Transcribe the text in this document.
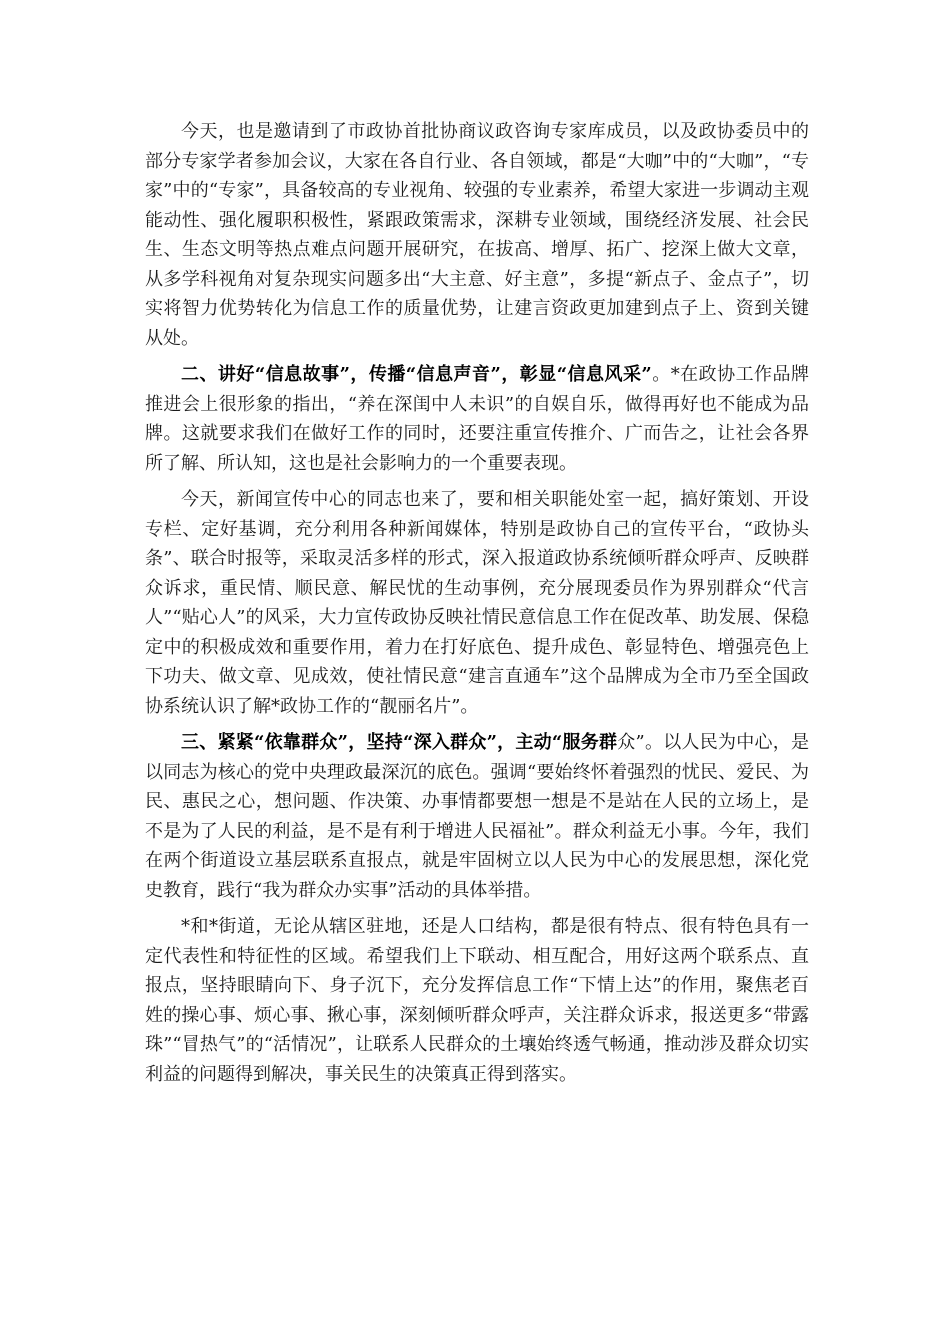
今天，也是邀请到了市政协首批协商议政咨询专家库成员，以及政协委员中的部分专家学者参加会议，大家在各自行业、各自领域，都是“大咖”中的“大咖”，“专家”中的“专家”，具备较高的专业视角、较强的专业素养，希望大家进一步调动主观能动性、强化履职积极性，紧跟政策需求，深耕专业领域，围绕经济发展、社会民生、生态文明等热点难点问题开展研究，在拔高、增厚、拓广、挖深上做大文章，从多学科视角对复杂现实问题多出“大主意、好主意”，多提“新点子、金点子”，切实将智力优势转化为信息工作的质量优势，让建言资政更加建到点子上、资到关键从处。

二、讲好“信息故事”，传播“信息声音”，彰显“信息风采”。*在政协工作品牌推进会上很形象的指出，“养在深闺中人未识”的自娱自乐，做得再好也不能成为品牌。这就要求我们在做好工作的同时，还要注重宣传推介、广而告之，让社会各界所了解、所认知，这也是社会影响力的一个重要表现。

今天，新闻宣传中心的同志也来了，要和相关职能处室一起，搞好策划、开设专栏、定好基调，充分利用各种新闻媒体，特别是政协自己的宣传平台，“政协头条”、联合时报等，采取灵活多样的形式，深入报道政协系统倾听群众呼声、反映群众诉求，重民情、顺民意、解民忧的生动事例，充分展现委员作为界别群众“代言人”“贴心人”的风采，大力宣传政协反映社情民意信息工作在促改革、助发展、保稳定中的积极成效和重要作用，着力在打好底色、提升成色、彰显特色、增强亮色上下功夫、做文章、见成效，使社情民意“建言直通车”这个品牌成为全市乃至全国政协系统认识了解*政协工作的“靓丽名片”。

三、紧紧“依靠群众”，坚持“深入群众”，主动“服务群众”。以人民为中心，是以同志为核心的党中央理政最深沉的底色。强调“要始终怀着强烈的忧民、爱民、为民、惠民之心，想问题、作决策、办事情都要想一想是不是站在人民的立场上，是不是为了人民的利益，是不是有利于增进人民福祉”。群众利益无小事。今年，我们在两个街道设立基层联系直报点，就是牢固树立以人民为中心的发展思想，深化党史教育，践行“我为群众办实事”活动的具体举措。

*和*街道，无论从辖区驻地，还是人口结构，都是很有特点、很有特色具有一定代表性和特征性的区域。希望我们上下联动、相互配合，用好这两个联系点、直报点，坚持眼睛向下、身子沉下，充分发挥信息工作“下情上达”的作用，聚焦老百姓的操心事、烦心事、揪心事，深刻倾听群众呼声，关注群众诉求，报送更多“带露珠”“冒热气”的“活情况”，让联系人民群众的土壤始终透气畅通，推动涉及群众切实利益的问题得到解决，事关民生的决策真正得到落实。
